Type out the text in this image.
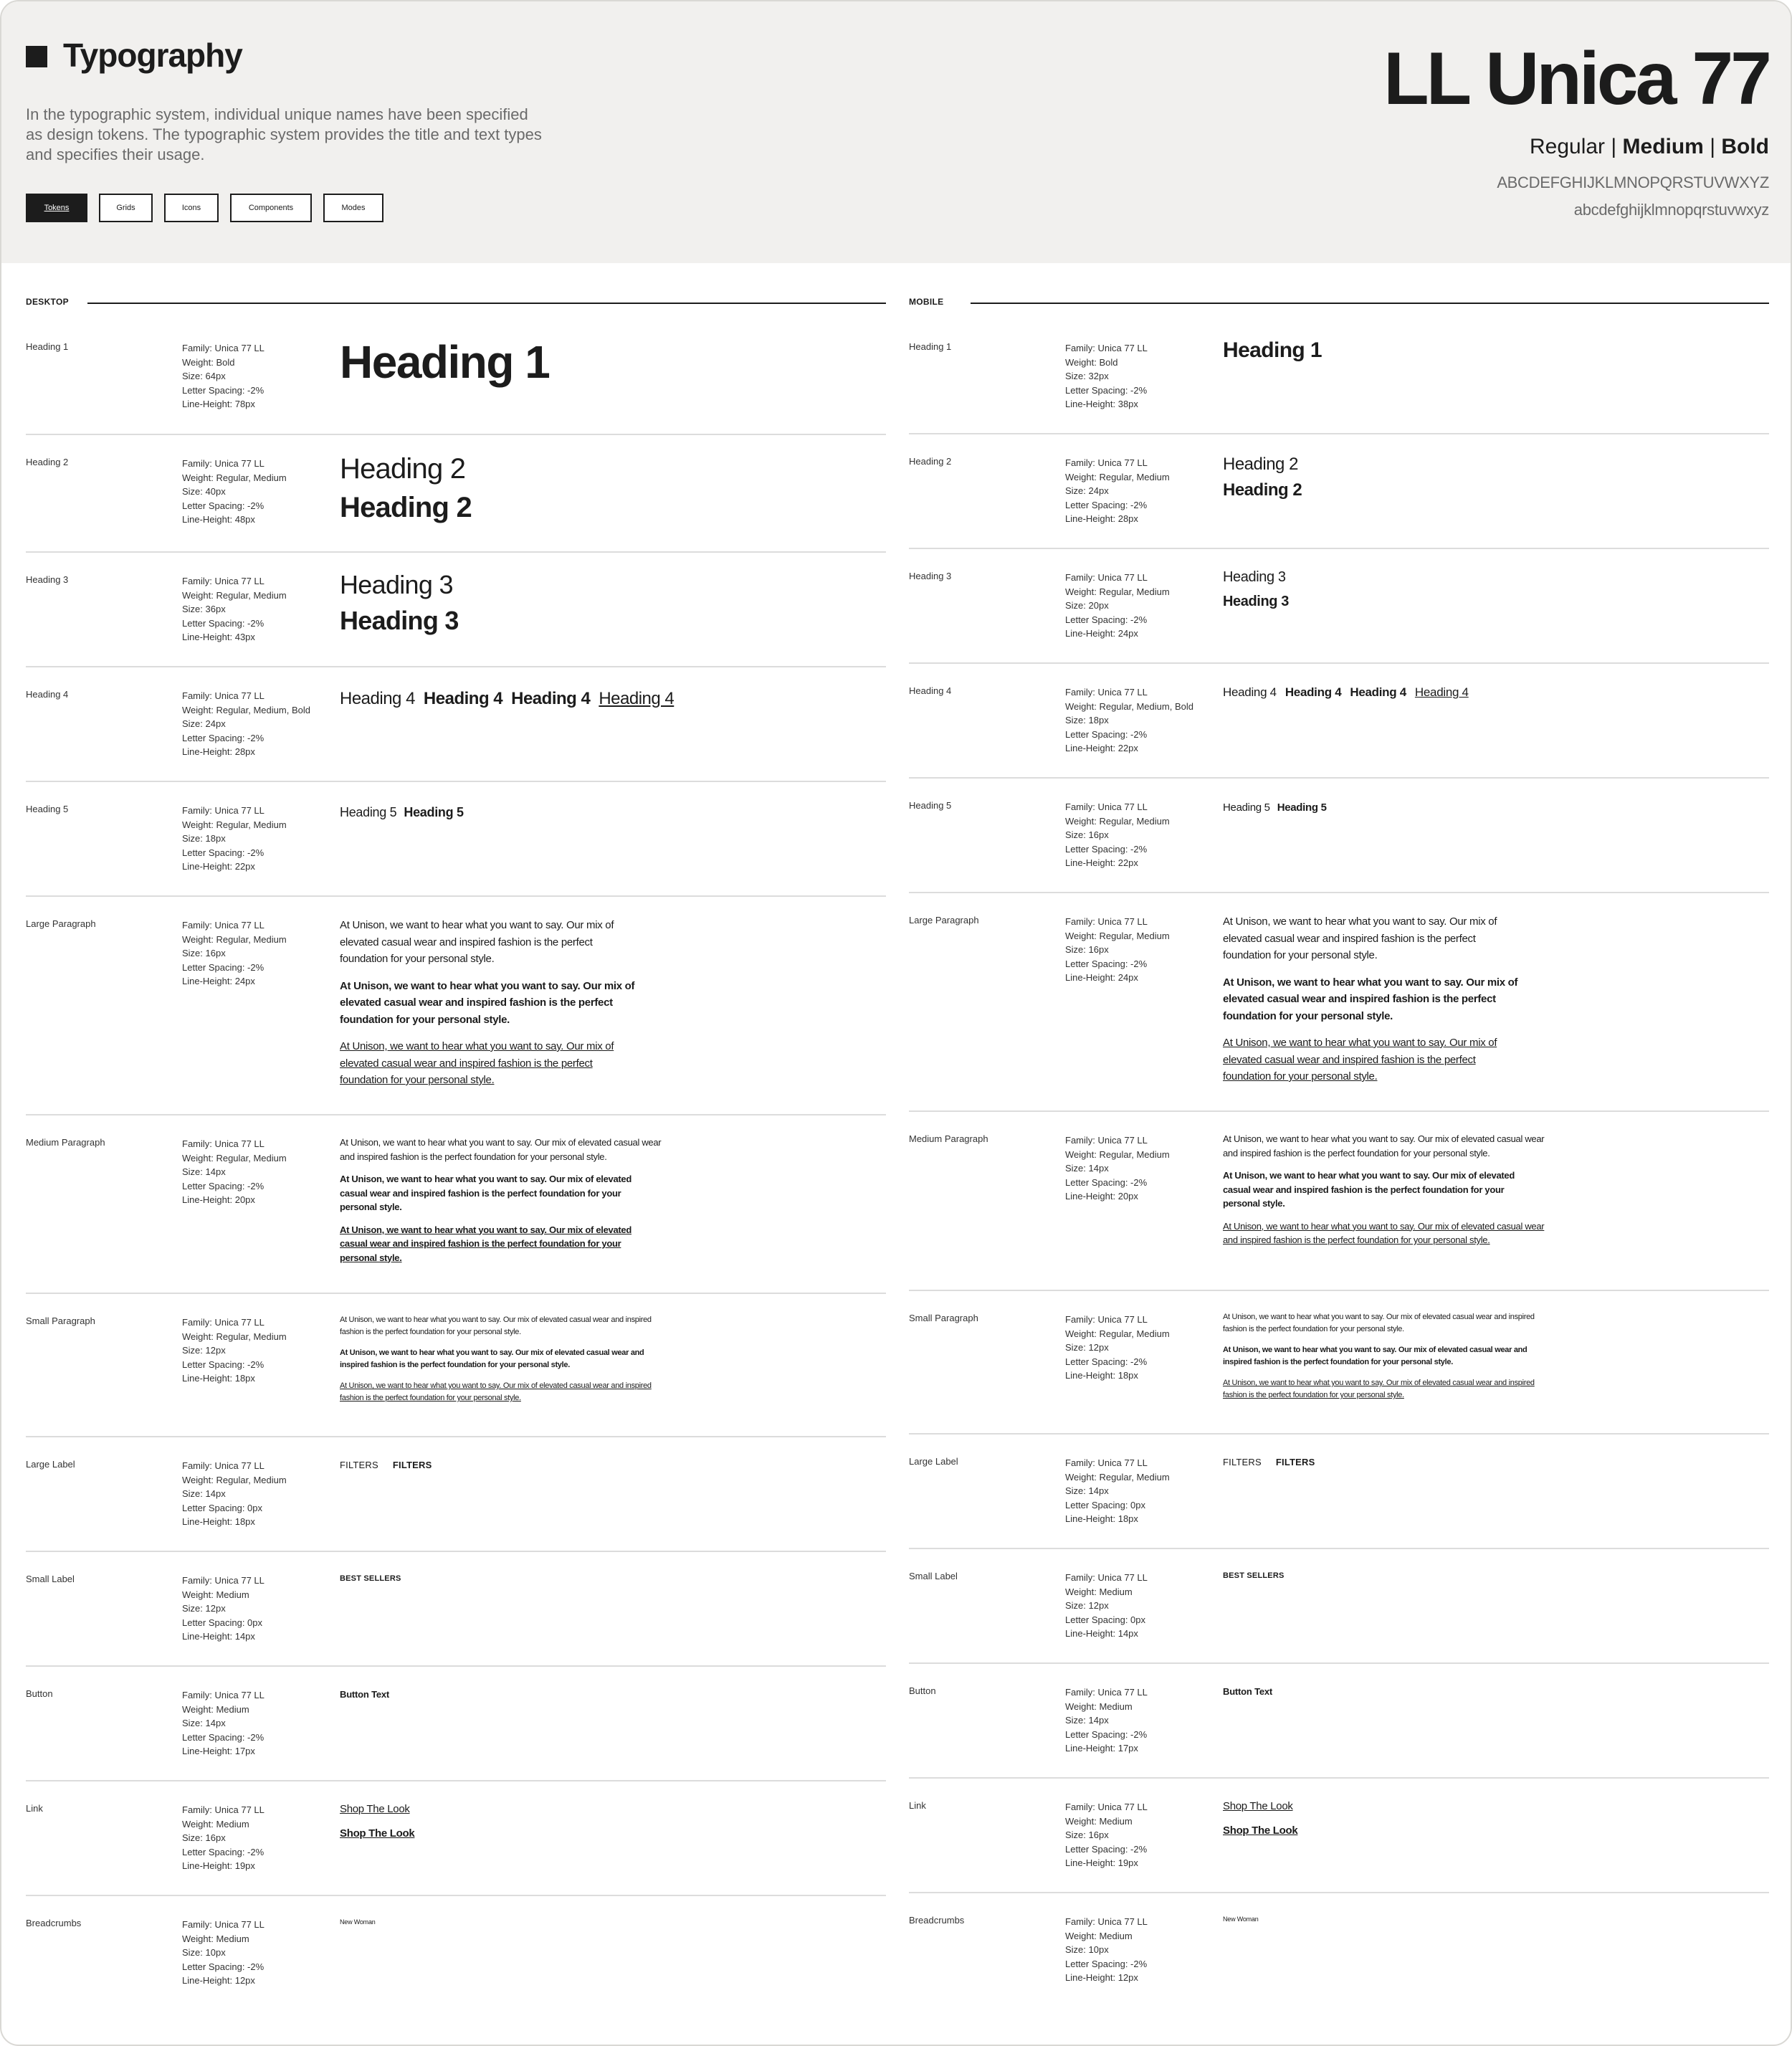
Typography
In the typographic system, individual unique names have been specified as design tokens. The typographic system provides the title and text types and specifies their usage.
Tokens	Grids	Icons	Components	Modes
LL Unica 77
Regular | Medium | Bold
ABCDEFGHIJKLMNOPQRSTUVWXYZ
abcdefghijklmnopqrstuvwxyz
DESKTOP
Heading 1	Family: Unica 77 LL
Weight: Bold
Size: 64px
Letter Spacing: -2%
Line-Height: 78px
Heading 1
Heading 2	Family: Unica 77 LL
Weight: Regular, Medium
Size: 40px
Letter Spacing: -2%
Line-Height: 48px
Heading 2
Heading 2
Heading 3	Family: Unica 77 LL
Weight: Regular, Medium
Size: 36px
Letter Spacing: -2%
Line-Height: 43px
Heading 3
Heading 3
Heading 4	Family: Unica 77 LL
Weight: Regular, Medium, Bold
Size: 24px
Letter Spacing: -2%
Line-Height: 28px
Heading 4 Heading 4 Heading 4 Heading 4
Heading 5	Family: Unica 77 LL
Weight: Regular, Medium
Size: 18px
Letter Spacing: -2%
Line-Height: 22px
Heading 5 Heading 5
Large Paragraph	Family: Unica 77 LL
Weight: Regular, Medium
Size: 16px
Letter Spacing: -2%
Line-Height: 24px

At Unison, we want to hear what you want to say. Our mix of elevated casual wear and inspired fashion is the perfect foundation for your personal style.

At Unison, we want to hear what you want to say. Our mix of elevated casual wear and inspired fashion is the perfect foundation for your personal style.

At Unison, we want to hear what you want to say. Our mix of elevated casual wear and inspired fashion is the perfect foundation for your personal style.

Medium Paragraph	Family: Unica 77 LL
Weight: Regular, Medium
Size: 14px
Letter Spacing: -2%
Line-Height: 20px

At Unison, we want to hear what you want to say. Our mix of elevated casual wear and inspired fashion is the perfect foundation for your personal style.

At Unison, we want to hear what you want to say. Our mix of elevated casual wear and inspired fashion is the perfect foundation for your personal style.

At Unison, we want to hear what you want to say. Our mix of elevated casual wear and inspired fashion is the perfect foundation for your personal style.

Small Paragraph	Family: Unica 77 LL
Weight: Regular, Medium
Size: 12px
Letter Spacing: -2%
Line-Height: 18px

At Unison, we want to hear what you want to say. Our mix of elevated casual wear and inspired fashion is the perfect foundation for your personal style.

At Unison, we want to hear what you want to say. Our mix of elevated casual wear and inspired fashion is the perfect foundation for your personal style.

At Unison, we want to hear what you want to say. Our mix of elevated casual wear and inspired fashion is the perfect foundation for your personal style.

Large Label	Family: Unica 77 LL
Weight: Regular, Medium
Size: 14px
Letter Spacing: 0px
Line-Height: 18px
FILTERS FILTERS
Small Label	Family: Unica 77 LL
Weight: Medium
Size: 12px
Letter Spacing: 0px
Line-Height: 14px
BEST SELLERS
Button	Family: Unica 77 LL
Weight: Medium
Size: 14px
Letter Spacing: -2%
Line-Height: 17px
Button Text
Link	Family: Unica 77 LL
Weight: Medium
Size: 16px
Letter Spacing: -2%
Line-Height: 19px
Shop The Look
Shop The Look
Breadcrumbs	Family: Unica 77 LL
Weight: Medium
Size: 10px
Letter Spacing: -2%
Line-Height: 12px
New Woman
MOBILE
Heading 1	Family: Unica 77 LL
Weight: Bold
Size: 32px
Letter Spacing: -2%
Line-Height: 38px
Heading 1
Heading 2	Family: Unica 77 LL
Weight: Regular, Medium
Size: 24px
Letter Spacing: -2%
Line-Height: 28px
Heading 2
Heading 2
Heading 3	Family: Unica 77 LL
Weight: Regular, Medium
Size: 20px
Letter Spacing: -2%
Line-Height: 24px
Heading 3
Heading 3
Heading 4	Family: Unica 77 LL
Weight: Regular, Medium, Bold
Size: 18px
Letter Spacing: -2%
Line-Height: 22px
Heading 4 Heading 4 Heading 4 Heading 4
Heading 5	Family: Unica 77 LL
Weight: Regular, Medium
Size: 16px
Letter Spacing: -2%
Line-Height: 22px
Heading 5 Heading 5
Large Paragraph	Family: Unica 77 LL
Weight: Regular, Medium
Size: 16px
Letter Spacing: -2%
Line-Height: 24px

At Unison, we want to hear what you want to say. Our mix of elevated casual wear and inspired fashion is the perfect foundation for your personal style.

At Unison, we want to hear what you want to say. Our mix of elevated casual wear and inspired fashion is the perfect foundation for your personal style.

At Unison, we want to hear what you want to say. Our mix of elevated casual wear and inspired fashion is the perfect foundation for your personal style.

Medium Paragraph	Family: Unica 77 LL
Weight: Regular, Medium
Size: 14px
Letter Spacing: -2%
Line-Height: 20px

At Unison, we want to hear what you want to say. Our mix of elevated casual wear and inspired fashion is the perfect foundation for your personal style.

At Unison, we want to hear what you want to say. Our mix of elevated casual wear and inspired fashion is the perfect foundation for your personal style.

At Unison, we want to hear what you want to say. Our mix of elevated casual wear and inspired fashion is the perfect foundation for your personal style.

Small Paragraph	Family: Unica 77 LL
Weight: Regular, Medium
Size: 12px
Letter Spacing: -2%
Line-Height: 18px

At Unison, we want to hear what you want to say. Our mix of elevated casual wear and inspired fashion is the perfect foundation for your personal style.

At Unison, we want to hear what you want to say. Our mix of elevated casual wear and inspired fashion is the perfect foundation for your personal style.

At Unison, we want to hear what you want to say. Our mix of elevated casual wear and inspired fashion is the perfect foundation for your personal style.

Large Label	Family: Unica 77 LL
Weight: Regular, Medium
Size: 14px
Letter Spacing: 0px
Line-Height: 18px
FILTERS FILTERS
Small Label	Family: Unica 77 LL
Weight: Medium
Size: 12px
Letter Spacing: 0px
Line-Height: 14px
BEST SELLERS
Button	Family: Unica 77 LL
Weight: Medium
Size: 14px
Letter Spacing: -2%
Line-Height: 17px
Button Text
Link	Family: Unica 77 LL
Weight: Medium
Size: 16px
Letter Spacing: -2%
Line-Height: 19px
Shop The Look
Shop The Look
Breadcrumbs	Family: Unica 77 LL
Weight: Medium
Size: 10px
Letter Spacing: -2%
Line-Height: 12px
New Woman
